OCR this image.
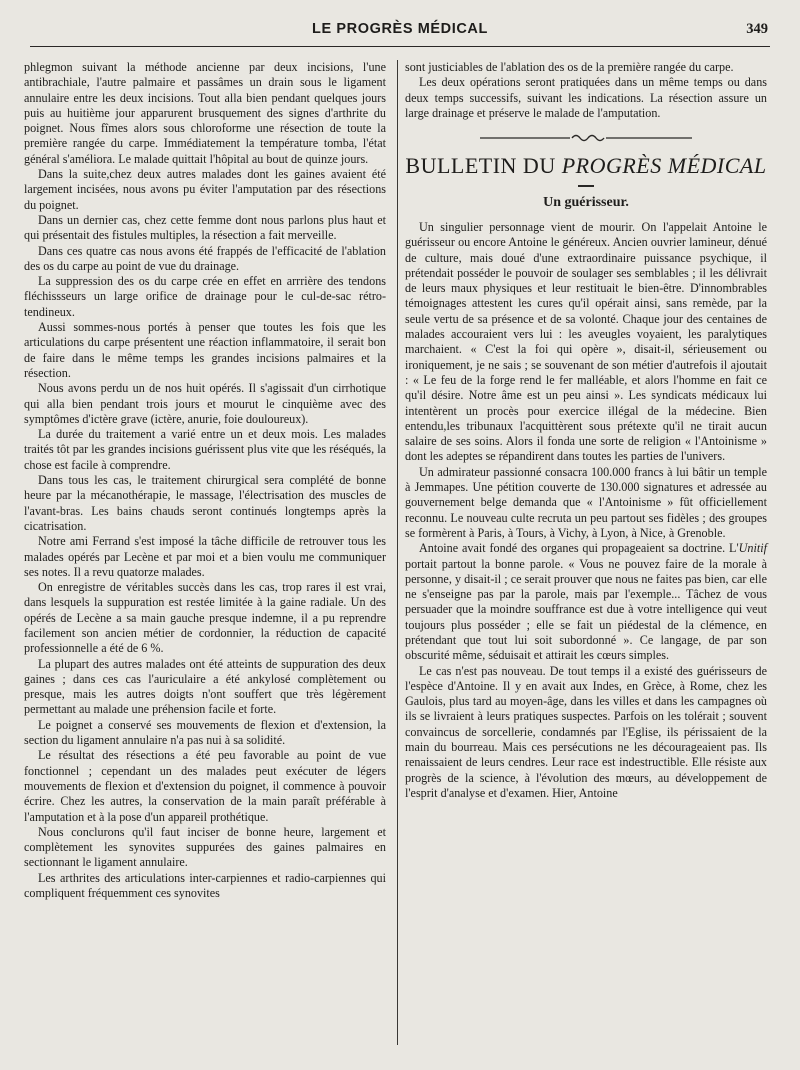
LE PROGRÈS MÉDICAL	349

phlegmon suivant la méthode ancienne par deux incisions, l'une antibrachiale, l'autre palmaire et passâmes un drain sous le ligament annulaire entre les deux incisions. Tout alla bien pendant quelques jours puis au huitième jour apparurent brusquement des signes d'arthrite du poignet. Nous fîmes alors sous chloroforme une résection de toute la première rangée du carpe. Immédiatement la température tomba, l'état général s'améliora. Le malade quittait l'hôpital au bout de quinze jours.

Dans la suite,chez deux autres malades dont les gaines avaient été largement incisées, nous avons pu éviter l'amputation par des résections du poignet.

Dans un dernier cas, chez cette femme dont nous parlons plus haut et qui présentait des fistules multiples, la résection a fait merveille.

Dans ces quatre cas nous avons été frappés de l'efficacité de l'ablation des os du carpe au point de vue du drainage.

La suppression des os du carpe crée en effet en arrrière des tendons fléchissseurs un large orifice de drainage pour le cul-de-sac rétro-tendineux.

Aussi sommes-nous portés à penser que toutes les fois que les articulations du carpe présentent une réaction inflammatoire, il serait bon de faire dans le même temps les grandes incisions palmaires et la résection.

Nous avons perdu un de nos huit opérés. Il s'agissait d'un cirrhotique qui alla bien pendant trois jours et mourut le cinquième avec des symptômes d'ictère grave (ictère, anurie, foie douloureux).

La durée du traitement a varié entre un et deux mois. Les malades traités tôt par les grandes incisions guérissent plus vite que les réséqués, la chose est facile à comprendre.

Dans tous les cas, le traitement chirurgical sera complété de bonne heure par la mécanothérapie, le massage, l'électrisation des muscles de l'avant-bras. Les bains chauds seront continués longtemps après la cicatrisation.

Notre ami Ferrand s'est imposé la tâche difficile de retrouver tous les malades opérés par Lecène et par moi et a bien voulu me communiquer ses notes. Il a revu quatorze malades.

On enregistre de véritables succès dans les cas, trop rares il est vrai, dans lesquels la suppuration est restée limitée à la gaine radiale. Un des opérés de Lecène a sa main gauche presque indemne, il a pu reprendre facilement son ancien métier de cordonnier, la réduction de capacité professionnelle a été de 6 %.

La plupart des autres malades ont été atteints de suppuration des deux gaines ; dans ces cas l'auriculaire a été ankylosé complètement ou presque, mais les autres doigts n'ont souffert que très légèrement permettant au malade une préhension facile et forte.

Le poignet a conservé ses mouvements de flexion et d'extension, la section du ligament annulaire n'a pas nui à sa solidité.

Le résultat des résections a été peu favorable au point de vue fonctionnel ; cependant un des malades peut exécuter de légers mouvements de flexion et d'extension du poignet, il commence à pouvoir écrire. Chez les autres, la conservation de la main paraît préférable à l'amputation et à la pose d'un appareil prothétique.

Nous conclurons qu'il faut inciser de bonne heure, largement et complètement les synovites suppurées des gaines palmaires en sectionnant le ligament annulaire.

Les arthrites des articulations inter-carpiennes et radio-carpiennes qui compliquent fréquemment ces synovites

sont justiciables de l'ablation des os de la première rangée du carpe.

Les deux opérations seront pratiquées dans un même temps ou dans deux temps successifs, suivant les indications. La résection assure un large drainage et préserve le malade de l'amputation.

BULLETIN DU PROGRÈS MÉDICAL
Un guérisseur.

Un singulier personnage vient de mourir. On l'appelait Antoine le guérisseur ou encore Antoine le généreux. Ancien ouvrier lamineur, dénué de culture, mais doué d'une extraordinaire puissance psychique, il prétendait posséder le pouvoir de soulager ses semblables ; il les délivrait de leurs maux physiques et leur restituait le bien-être. D'innombrables témoignages attestent les cures qu'il opérait ainsi, sans remède, par la seule vertu de sa présence et de sa volonté. Chaque jour des centaines de malades accouraient vers lui : les aveugles voyaient, les paralytiques marchaient. « C'est la foi qui opère », disait-il, sérieusement ou ironiquement, je ne sais ; se souvenant de son métier d'autrefois il ajoutait : « Le feu de la forge rend le fer malléable, et alors l'homme en fait ce qu'il désire. Notre âme est un peu ainsi ». Les syndicats médicaux lui intentèrent un procès pour exercice illégal de la médecine. Bien entendu,les tribunaux l'acquittèrent sous prétexte qu'il ne tirait aucun salaire de ses soins. Alors il fonda une sorte de religion « l'Antoinisme » dont les adeptes se répandirent dans toutes les parties de l'univers.

Un admirateur passionné consacra 100.000 francs à lui bâtir un temple à Jemmapes. Une pétition couverte de 130.000 signatures et adressée au gouvernement belge demanda que « l'Antoinisme » fût officiellement reconnu. Le nouveau culte recruta un peu partout ses fidèles ; des groupes se formèrent à Paris, à Tours, à Vichy, à Lyon, à Nice, à Grenoble.

Antoine avait fondé des organes qui propageaient sa doctrine. L'Unitif portait partout la bonne parole. « Vous ne pouvez faire de la morale à personne, y disait-il ; ce serait prouver que nous ne faites pas bien, car elle ne s'enseigne pas par la parole, mais par l'exemple... Tâchez de vous persuader que la moindre souffrance est due à votre intelligence qui veut toujours plus posséder ; elle se fait un piédestal de la clémence, en prétendant que tout lui soit subordonné ». Ce langage, de par son obscurité même, séduisait et attirait les cœurs simples.

Le cas n'est pas nouveau. De tout temps il a existé des guérisseurs de l'espèce d'Antoine. Il y en avait aux Indes, en Grèce, à Rome, chez les Gaulois, plus tard au moyen-âge, dans les villes et dans les campagnes où ils se livraient à leurs pratiques suspectes. Parfois on les tolérait ; souvent convaincus de sorcellerie, condamnés par l'Eglise, ils périssaient de la main du bourreau. Mais ces persécutions ne les décourageaient pas. Ils renaissaient de leurs cendres. Leur race est indestructible. Elle résiste aux progrès de la science, à l'évolution des mœurs, au développement de l'esprit d'analyse et d'examen. Hier, Antoine
